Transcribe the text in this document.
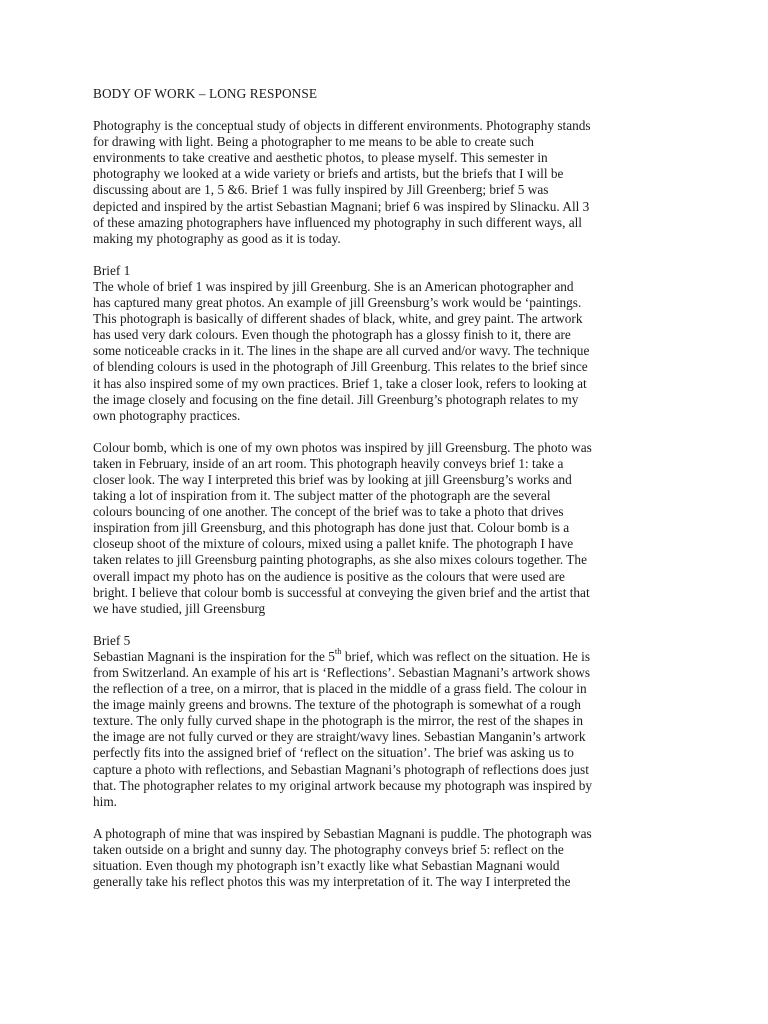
BODY OF WORK – LONG RESPONSE
Photography is the conceptual study of objects in different environments. Photography stands
for drawing with light. Being a photographer to me means to be able to create such
environments to take creative and aesthetic photos, to please myself. This semester in
photography we looked at a wide variety or briefs and artists, but the briefs that I will be
discussing about are 1, 5 &6. Brief 1 was fully inspired by Jill Greenberg; brief 5 was
depicted and inspired by the artist Sebastian Magnani; brief 6 was inspired by Slinacku. All 3
of these amazing photographers have influenced my photography in such different ways, all
making my photography as good as it is today.
Brief 1
The whole of brief 1 was inspired by jill Greenburg. She is an American photographer and
has captured many great photos. An example of jill Greensburg’s work would be ‘paintings.
This photograph is basically of different shades of black, white, and grey paint. The artwork
has used very dark colours. Even though the photograph has a glossy finish to it, there are
some noticeable cracks in it. The lines in the shape are all curved and/or wavy. The technique
of blending colours is used in the photograph of Jill Greenburg. This relates to the brief since
it has also inspired some of my own practices. Brief 1, take a closer look, refers to looking at
the image closely and focusing on the fine detail. Jill Greenburg’s photograph relates to my
own photography practices.
Colour bomb, which is one of my own photos was inspired by jill Greensburg. The photo was
taken in February, inside of an art room. This photograph heavily conveys brief 1: take a
closer look. The way I interpreted this brief was by looking at jill Greensburg’s works and
taking a lot of inspiration from it. The subject matter of the photograph are the several
colours bouncing of one another. The concept of the brief was to take a photo that drives
inspiration from jill Greensburg, and this photograph has done just that. Colour bomb is a
closeup shoot of the mixture of colours, mixed using a pallet knife. The photograph I have
taken relates to jill Greensburg painting photographs, as she also mixes colours together. The
overall impact my photo has on the audience is positive as the colours that were used are
bright. I believe that colour bomb is successful at conveying the given brief and the artist that
we have studied, jill Greensburg
Brief 5
Sebastian Magnani is the inspiration for the 5th brief, which was reflect on the situation. He is
from Switzerland. An example of his art is ‘Reflections’. Sebastian Magnani’s artwork shows
the reflection of a tree, on a mirror, that is placed in the middle of a grass field. The colour in
the image mainly greens and browns. The texture of the photograph is somewhat of a rough
texture. The only fully curved shape in the photograph is the mirror, the rest of the shapes in
the image are not fully curved or they are straight/wavy lines. Sebastian Manganin’s artwork
perfectly fits into the assigned brief of ‘reflect on the situation’. The brief was asking us to
capture a photo with reflections, and Sebastian Magnani’s photograph of reflections does just
that. The photographer relates to my original artwork because my photograph was inspired by
him.
A photograph of mine that was inspired by Sebastian Magnani is puddle. The photograph was
taken outside on a bright and sunny day. The photography conveys brief 5: reflect on the
situation. Even though my photograph isn’t exactly like what Sebastian Magnani would
generally take his reflect photos this was my interpretation of it. The way I interpreted the
